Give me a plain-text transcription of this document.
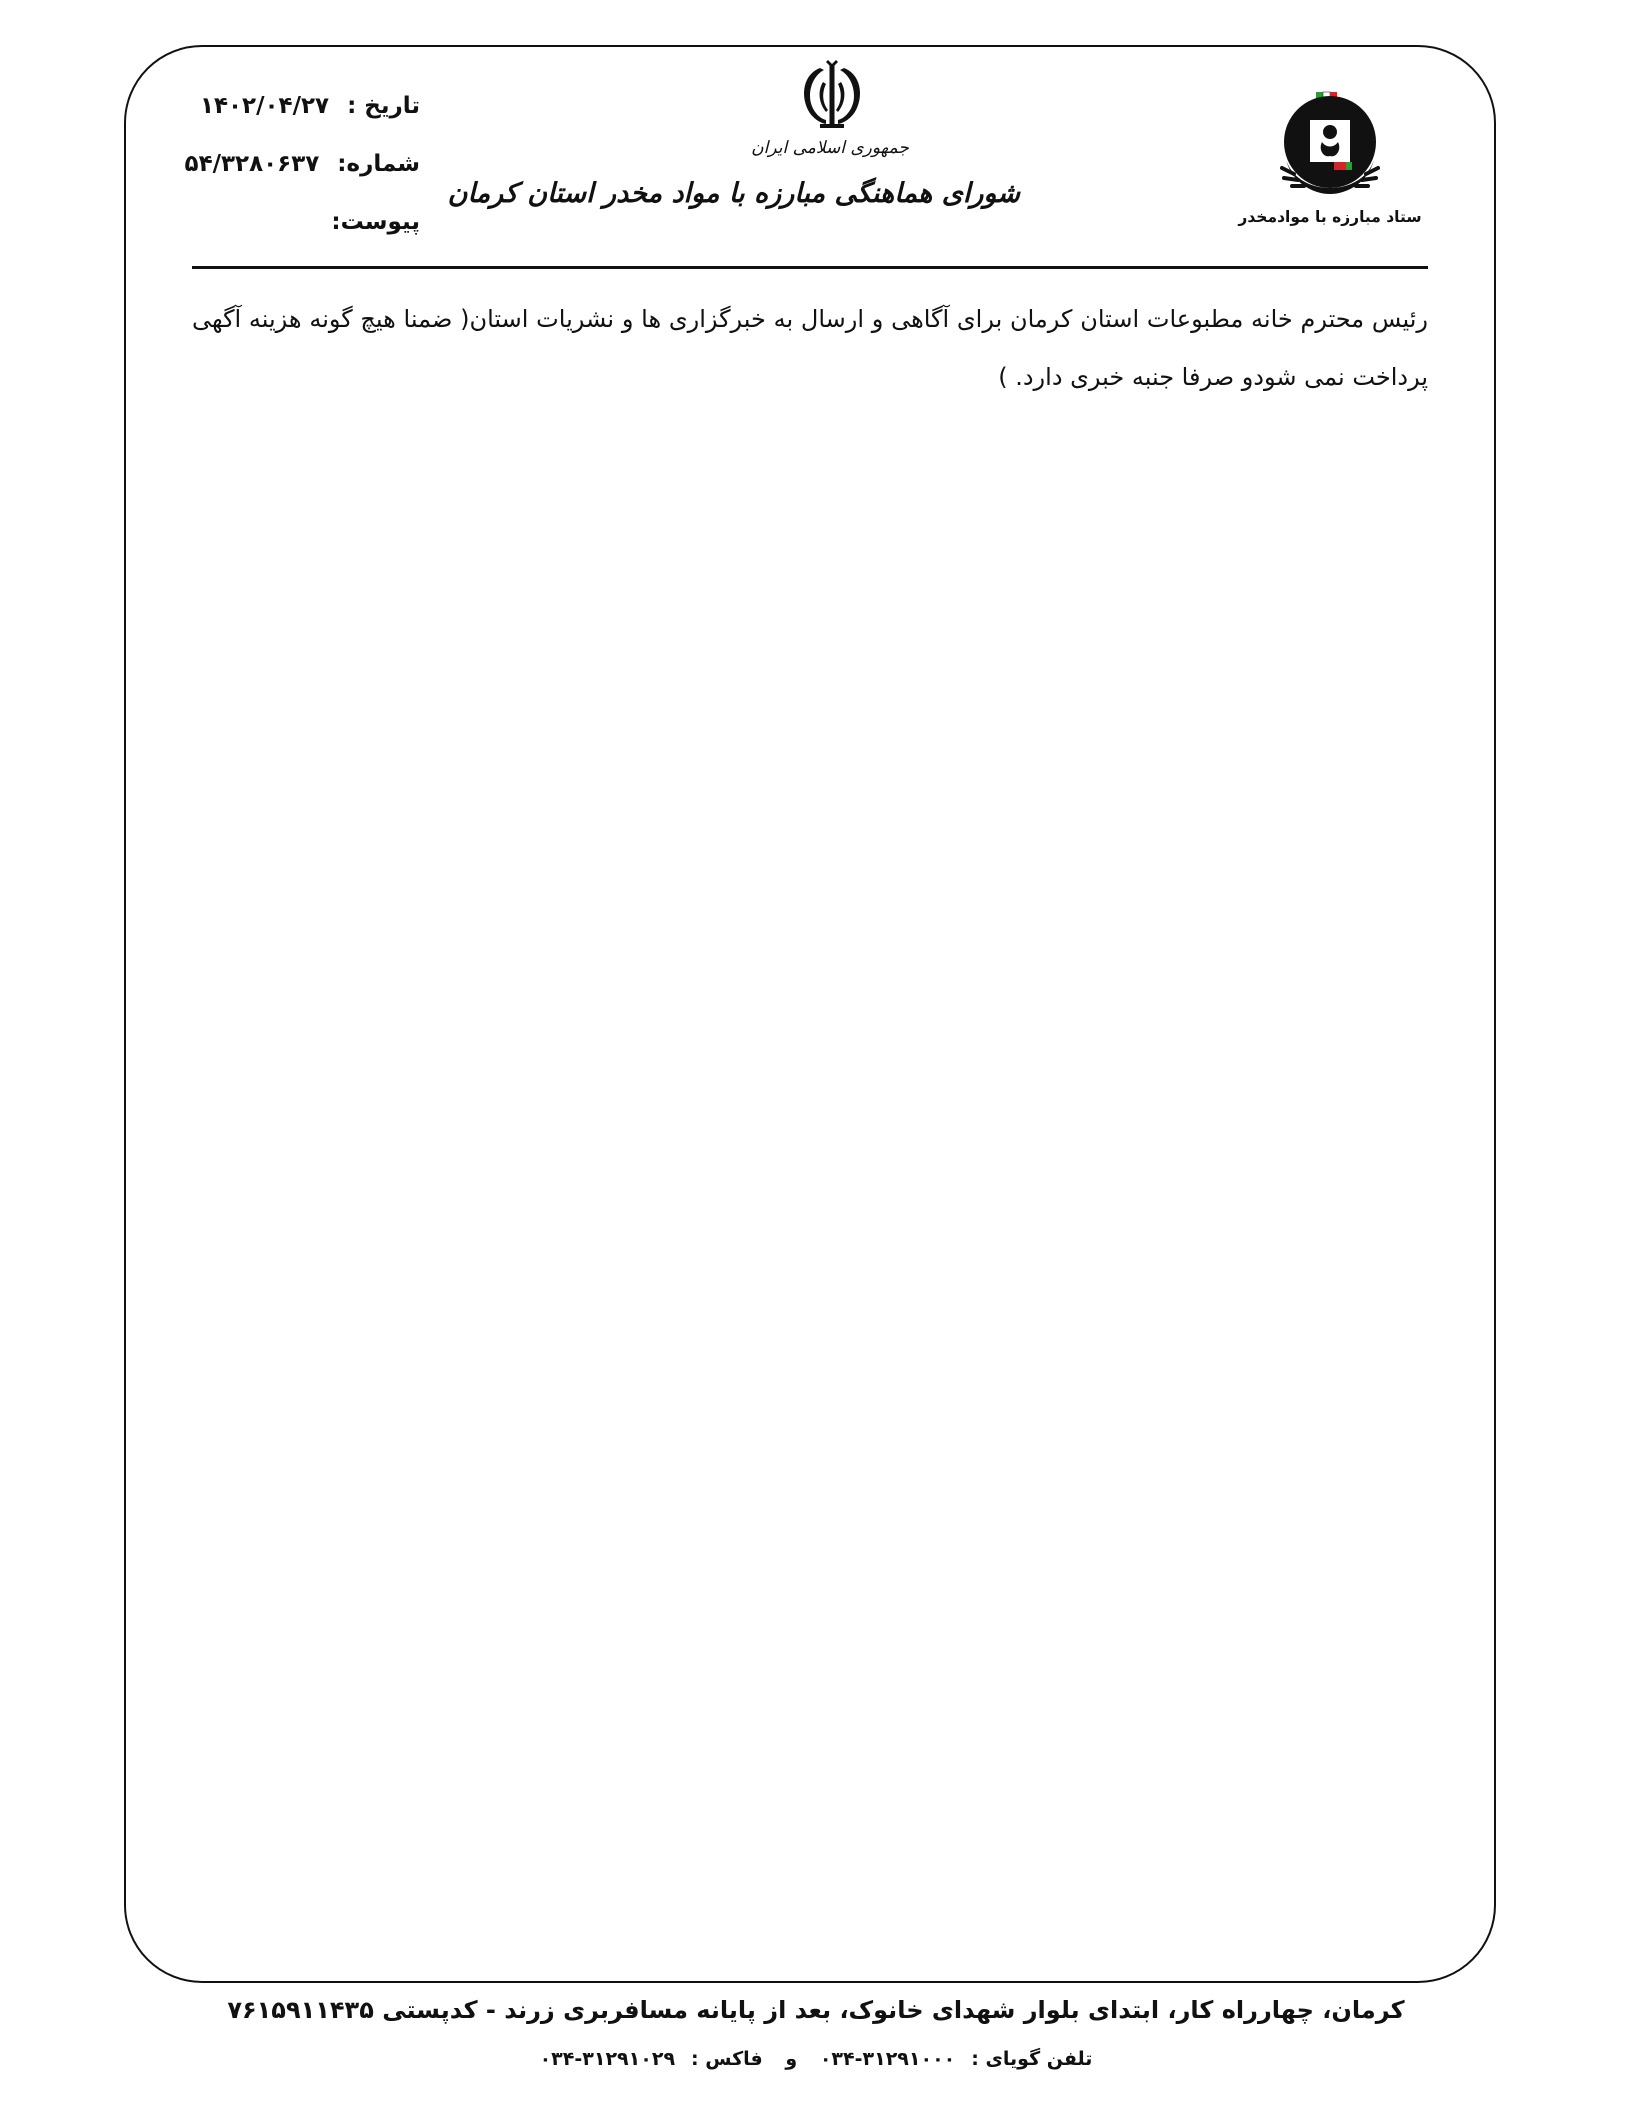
تاریخ : ۱۴۰۲/۰۴/۲۷
شماره: ۵۴/۳۲۸۰۶۳۷
پیوست:
جمهوری اسلامی ایران
شورای هماهنگی مبارزه با مواد مخدر استان کرمان
ستاد مبارزه با موادمخدر
رئیس محترم خانه مطبوعات استان کرمان برای آگاهی و ارسال به خبرگزاری ها و نشریات استان( ضمنا هیچ گونه هزینه آگهی پرداخت نمی شودو صرفا جنبه خبری دارد. )
کرمان، چهارراه کار، ابتدای بلوار شهدای خانوک، بعد از پایانه مسافربری زرند - کدپستی ۷۶۱۵۹۱۱۴۳۵
تلفن گویای :۳۱۲۹۱۰۰۰-۰۳۴ و فاکس :۳۱۲۹۱۰۲۹-۰۳۴
